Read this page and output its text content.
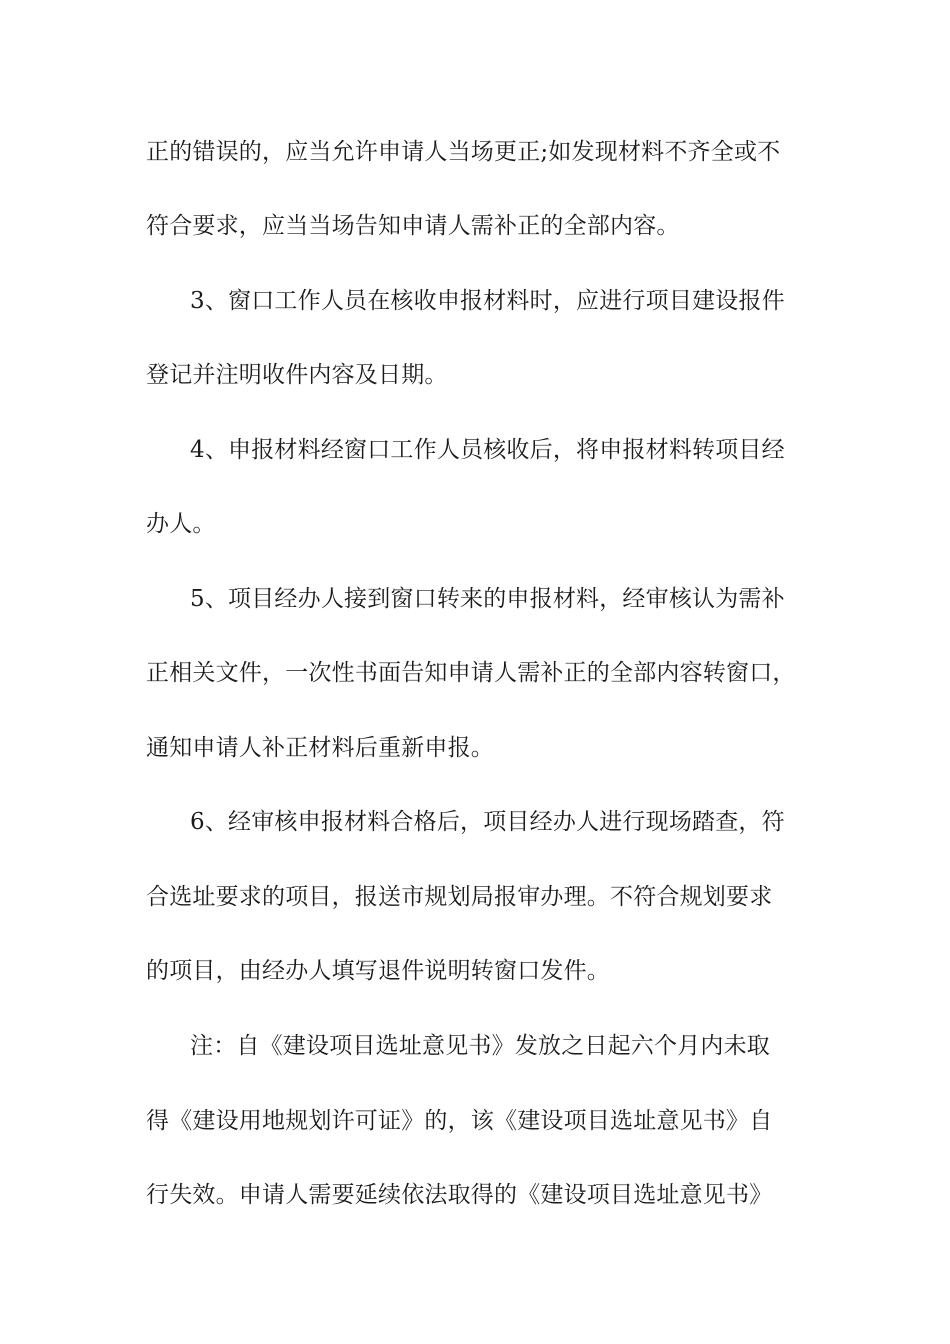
正的错误的，应当允许申请人当场更正;如发现材料不齐全或不
符合要求，应当当场告知申请人需补正的全部内容。
3、窗口工作人员在核收申报材料时，应进行项目建设报件
登记并注明收件内容及日期。
4、申报材料经窗口工作人员核收后，将申报材料转项目经
办人。
5、项目经办人接到窗口转来的申报材料，经审核认为需补
正相关文件，一次性书面告知申请人需补正的全部内容转窗口，
通知申请人补正材料后重新申报。
6、经审核申报材料合格后，项目经办人进行现场踏查，符
合选址要求的项目，报送市规划局报审办理。不符合规划要求
的项目，由经办人填写退件说明转窗口发件。
注：自《建设项目选址意见书》发放之日起六个月内未取
得《建设用地规划许可证》的，该《建设项目选址意见书》自
行失效。申请人需要延续依法取得的《建设项目选址意见书》
